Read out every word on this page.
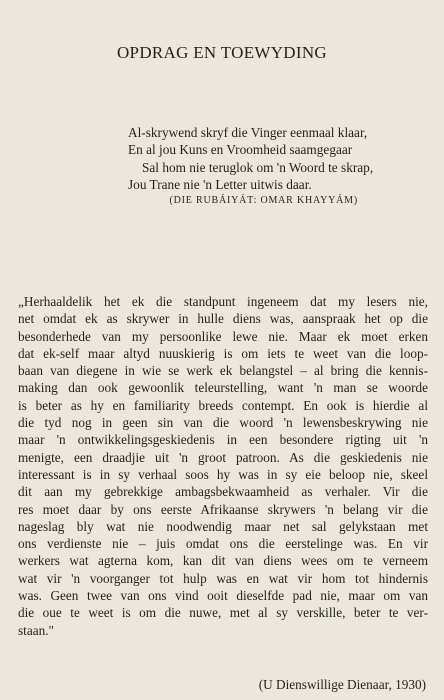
OPDRAG EN TOEWYDING
Al-skrywend skryf die Vinger eenmaal klaar,
En al jou Kuns en Vroomheid saamgegaar
Sal hom nie teruglok om 'n Woord te skrap,
Jou Trane nie 'n Letter uitwis daar.
(DIE RUBÁIYÁT: OMAR KHAYYÁM)
„Herhaaldelik het ek die standpunt ingeneem dat my lesers nie,
net omdat ek as skrywer in hulle diens was, aanspraak het op die
besonderhede van my persoonlike lewe nie. Maar ek moet erken
dat ek-self maar altyd nuuskierig is om iets te weet van die loop-
baan van diegene in wie se werk ek belangstel – al bring die kennis-
making dan ook gewoonlik teleurstelling, want 'n man se woorde
is beter as hy en familiarity breeds contempt. En ook is hierdie al
die tyd nog in geen sin van die woord 'n lewensbeskrywing nie
maar 'n ontwikkelingsgeskiedenis in een besondere rigting uit 'n
menigte, een draadjie uit 'n groot patroon. As die geskiedenis nie
interessant is in sy verhaal soos hy was in sy eie beloop nie, skeel
dit aan my gebrekkige ambagsbekwaamheid as verhaler. Vir die
res moet daar by ons eerste Afrikaanse skrywers 'n belang vir die
nageslag bly wat nie noodwendig maar net sal gelykstaan met
ons verdienste nie – juis omdat ons die eerstelinge was. En vir
werkers wat agterna kom, kan dit van diens wees om te verneem
wat vir 'n voorganger tot hulp was en wat vir hom tot hindernis
was. Geen twee van ons vind ooit dieselfde pad nie, maar om van
die oue te weet is om die nuwe, met al sy verskille, beter te ver-
staan."
(U Dienswillige Dienaar, 1930)
